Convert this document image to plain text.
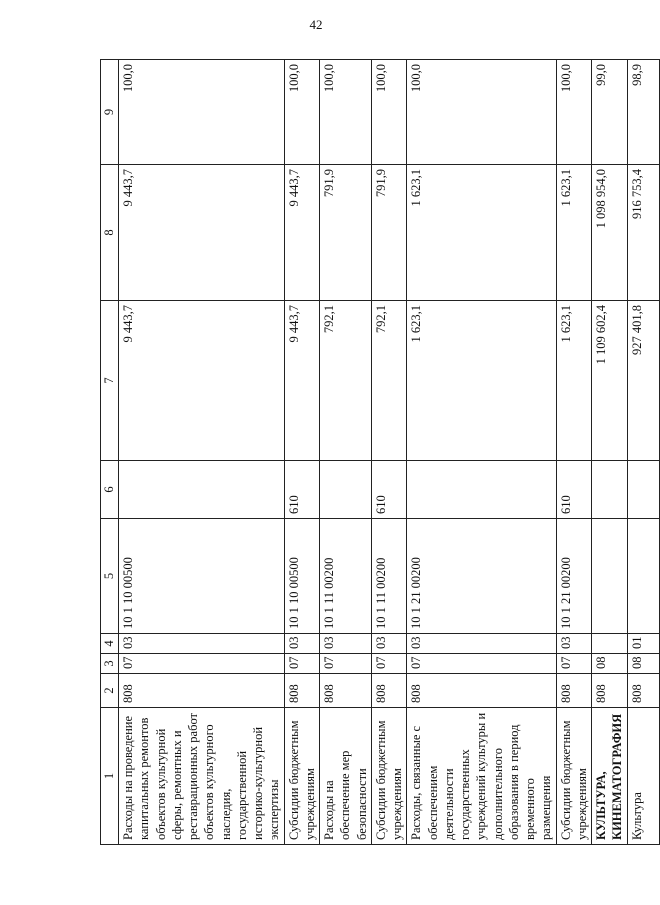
42
1	2	3	4	5	6	7	8	9
Расходы на проведение капитальных ремонтов объектов культурной сферы, ремонтных и реставрационных работ объектов культурного наследия, государственной историко-культурной экспертизы	808	07	03	10 1 10 00500		9 443,7	9 443,7	100,0
Субсидии бюджетным учреждениям	808	07	03	10 1 10 00500	610	9 443,7	9 443,7	100,0
Расходы на обеспечение мер безопасности	808	07	03	10 1 11 00200		792,1	791,9	100,0
Субсидии бюджетным учреждениям	808	07	03	10 1 11 00200	610	792,1	791,9	100,0
Расходы, связанные с обеспечением деятельности государственных учреждений культуры и дополнительного образования в период временного размещения	808	07	03	10 1 21 00200		1 623,1	1 623,1	100,0
Субсидии бюджетным учреждениям	808	07	03	10 1 21 00200	610	1 623,1	1 623,1	100,0
КУЛЬТУРА, КИНЕМАТОГРАФИЯ	808	08				1 109 602,4	1 098 954,0	99,0
Культура	808	08	01			927 401,8	916 753,4	98,9
